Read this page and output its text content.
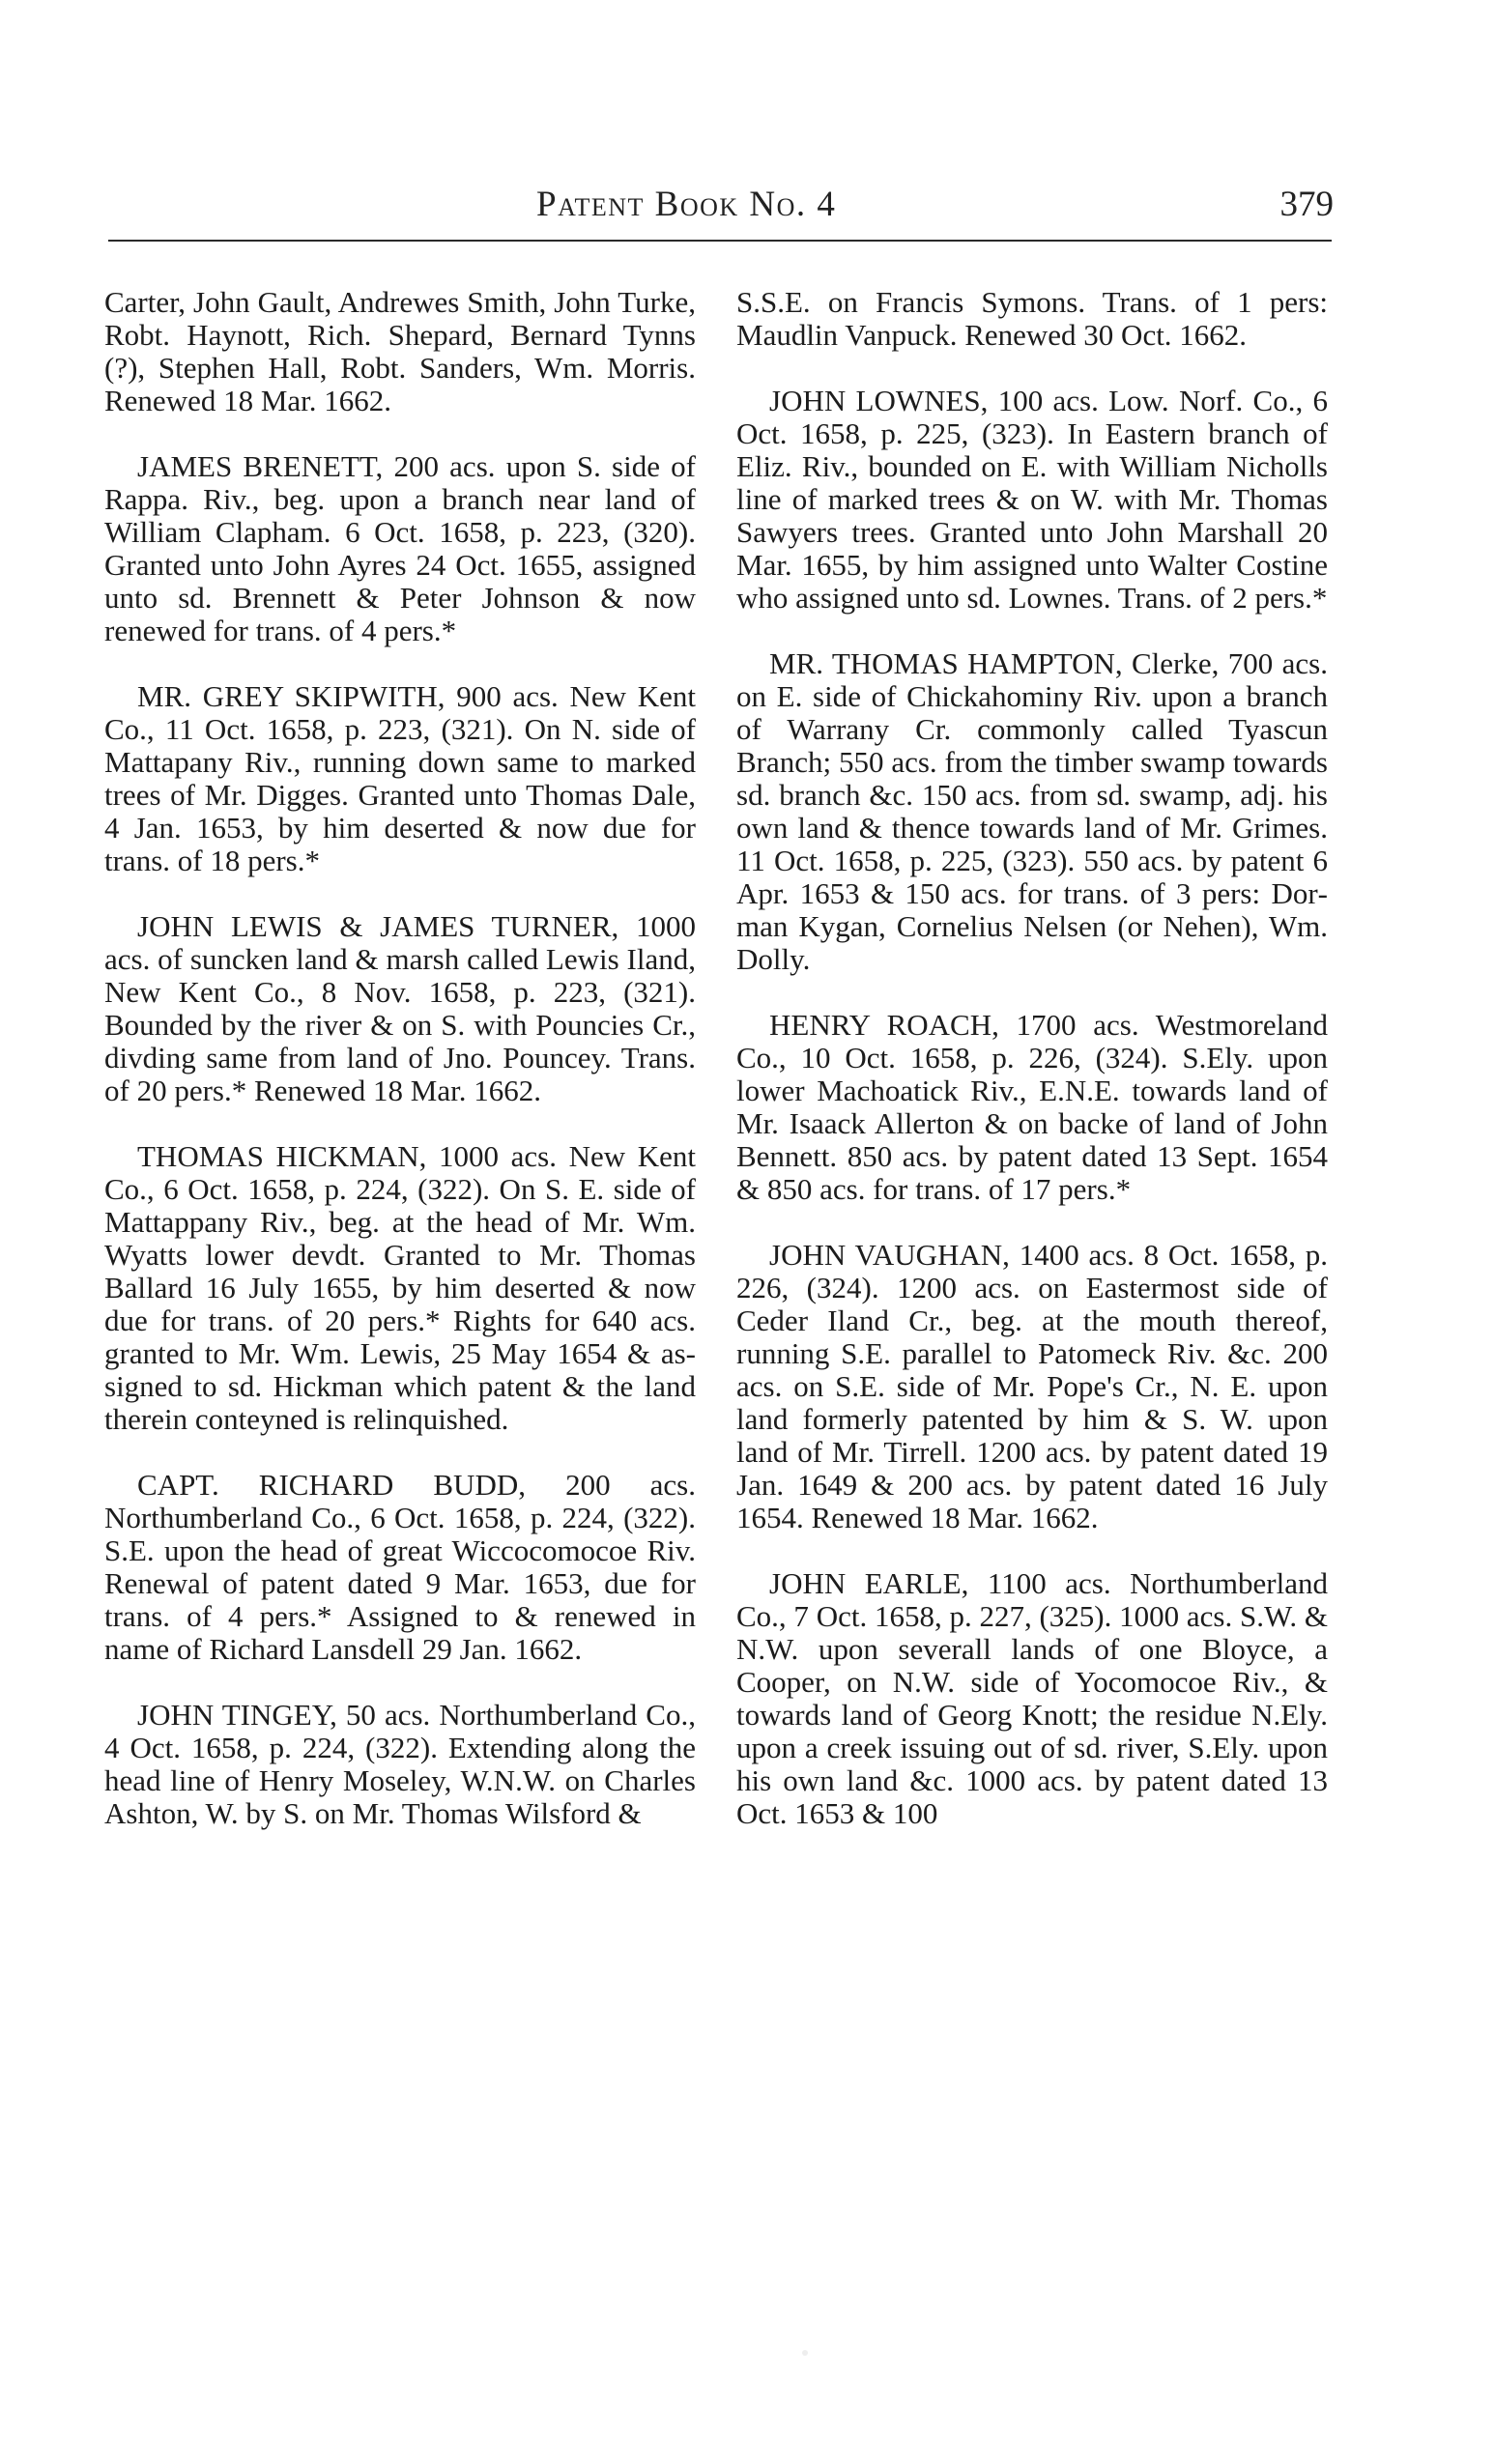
Patent Book No. 4	379

Carter, John Gault, Andrewes Smith, John Turke, Robt. Haynott, Rich. Shepard, Bernard Tynns (?), Stephen Hall, Robt. Sanders, Wm. Morris. Renewed 18 Mar. 1662.

JAMES BRENETT, 200 acs. upon S. side of Rappa. Riv., beg. upon a branch near land of William Clapham. 6 Oct. 1658, p. 223, (320). Granted unto John Ayres 24 Oct. 1655, assigned unto sd. Brennett & Peter Johnson & now renewed for trans. of 4 pers.*

MR. GREY SKIPWITH, 900 acs. New Kent Co., 11 Oct. 1658, p. 223, (321). On N. side of Mattapany Riv., running down same to marked trees of Mr. Digges. Granted unto Thomas Dale, 4 Jan. 1653, by him deserted & now due for trans. of 18 pers.*

JOHN LEWIS & JAMES TURNER, 1000 acs. of suncken land & marsh called Lewis Iland, New Kent Co., 8 Nov. 1658, p. 223, (321). Bounded by the river & on S. with Pouncies Cr., divding same from land of Jno. Pouncey. Trans. of 20 pers.* Renewed 18 Mar. 1662.

THOMAS HICKMAN, 1000 acs. New Kent Co., 6 Oct. 1658, p. 224, (322). On S. E. side of Mattappany Riv., beg. at the head of Mr. Wm. Wyatts lower devdt. Granted to Mr. Thomas Ballard 16 July 1655, by him deserted & now due for trans. of 20 pers.* Rights for 640 acs. granted to Mr. Wm. Lewis, 25 May 1654 & assigned to sd. Hickman which patent & the land therein conteyned is relinquished.

CAPT. RICHARD BUDD, 200 acs. Northumberland Co., 6 Oct. 1658, p. 224, (322). S.E. upon the head of great Wiccocomocoe Riv. Renewal of patent dated 9 Mar. 1653, due for trans. of 4 pers.* Assigned to & renewed in name of Richard Lansdell 29 Jan. 1662.

JOHN TINGEY, 50 acs. Northumberland Co., 4 Oct. 1658, p. 224, (322). Extending along the head line of Henry Moseley, W.N.W. on Charles Ashton, W. by S. on Mr. Thomas Wilsford &

S.S.E. on Francis Symons. Trans. of 1 pers: Maudlin Vanpuck. Renewed 30 Oct. 1662.

JOHN LOWNES, 100 acs. Low. Norf. Co., 6 Oct. 1658, p. 225, (323). In Eastern branch of Eliz. Riv., bounded on E. with William Nicholls line of marked trees & on W. with Mr. Thomas Sawyers trees. Granted unto John Marshall 20 Mar. 1655, by him assigned unto Walter Costine who assigned unto sd. Lownes. Trans. of 2 pers.*

MR. THOMAS HAMPTON, Clerke, 700 acs. on E. side of Chickahominy Riv. upon a branch of Warrany Cr. commonly called Tyascun Branch; 550 acs. from the timber swamp towards sd. branch &c. 150 acs. from sd. swamp, adj. his own land & thence towards land of Mr. Grimes. 11 Oct. 1658, p. 225, (323). 550 acs. by patent 6 Apr. 1653 & 150 acs. for trans. of 3 pers: Dorman Kygan, Cornelius Nelsen (or Nehen), Wm. Dolly.

HENRY ROACH, 1700 acs. Westmoreland Co., 10 Oct. 1658, p. 226, (324). S.Ely. upon lower Machoatick Riv., E.N.E. towards land of Mr. Isaack Allerton & on backe of land of John Bennett. 850 acs. by patent dated 13 Sept. 1654 & 850 acs. for trans. of 17 pers.*

JOHN VAUGHAN, 1400 acs. 8 Oct. 1658, p. 226, (324). 1200 acs. on Eastermost side of Ceder Iland Cr., beg. at the mouth thereof, running S.E. parallel to Patomeck Riv. &c. 200 acs. on S.E. side of Mr. Pope's Cr., N. E. upon land formerly patented by him & S. W. upon land of Mr. Tirrell. 1200 acs. by patent dated 19 Jan. 1649 & 200 acs. by patent dated 16 July 1654. Renewed 18 Mar. 1662.

JOHN EARLE, 1100 acs. Northumberland Co., 7 Oct. 1658, p. 227, (325). 1000 acs. S.W. & N.W. upon severall lands of one Bloyce, a Cooper, on N.W. side of Yocomocoe Riv., & towards land of Georg Knott; the residue N.Ely. upon a creek issuing out of sd. river, S.Ely. upon his own land &c. 1000 acs. by patent dated 13 Oct. 1653 & 100
